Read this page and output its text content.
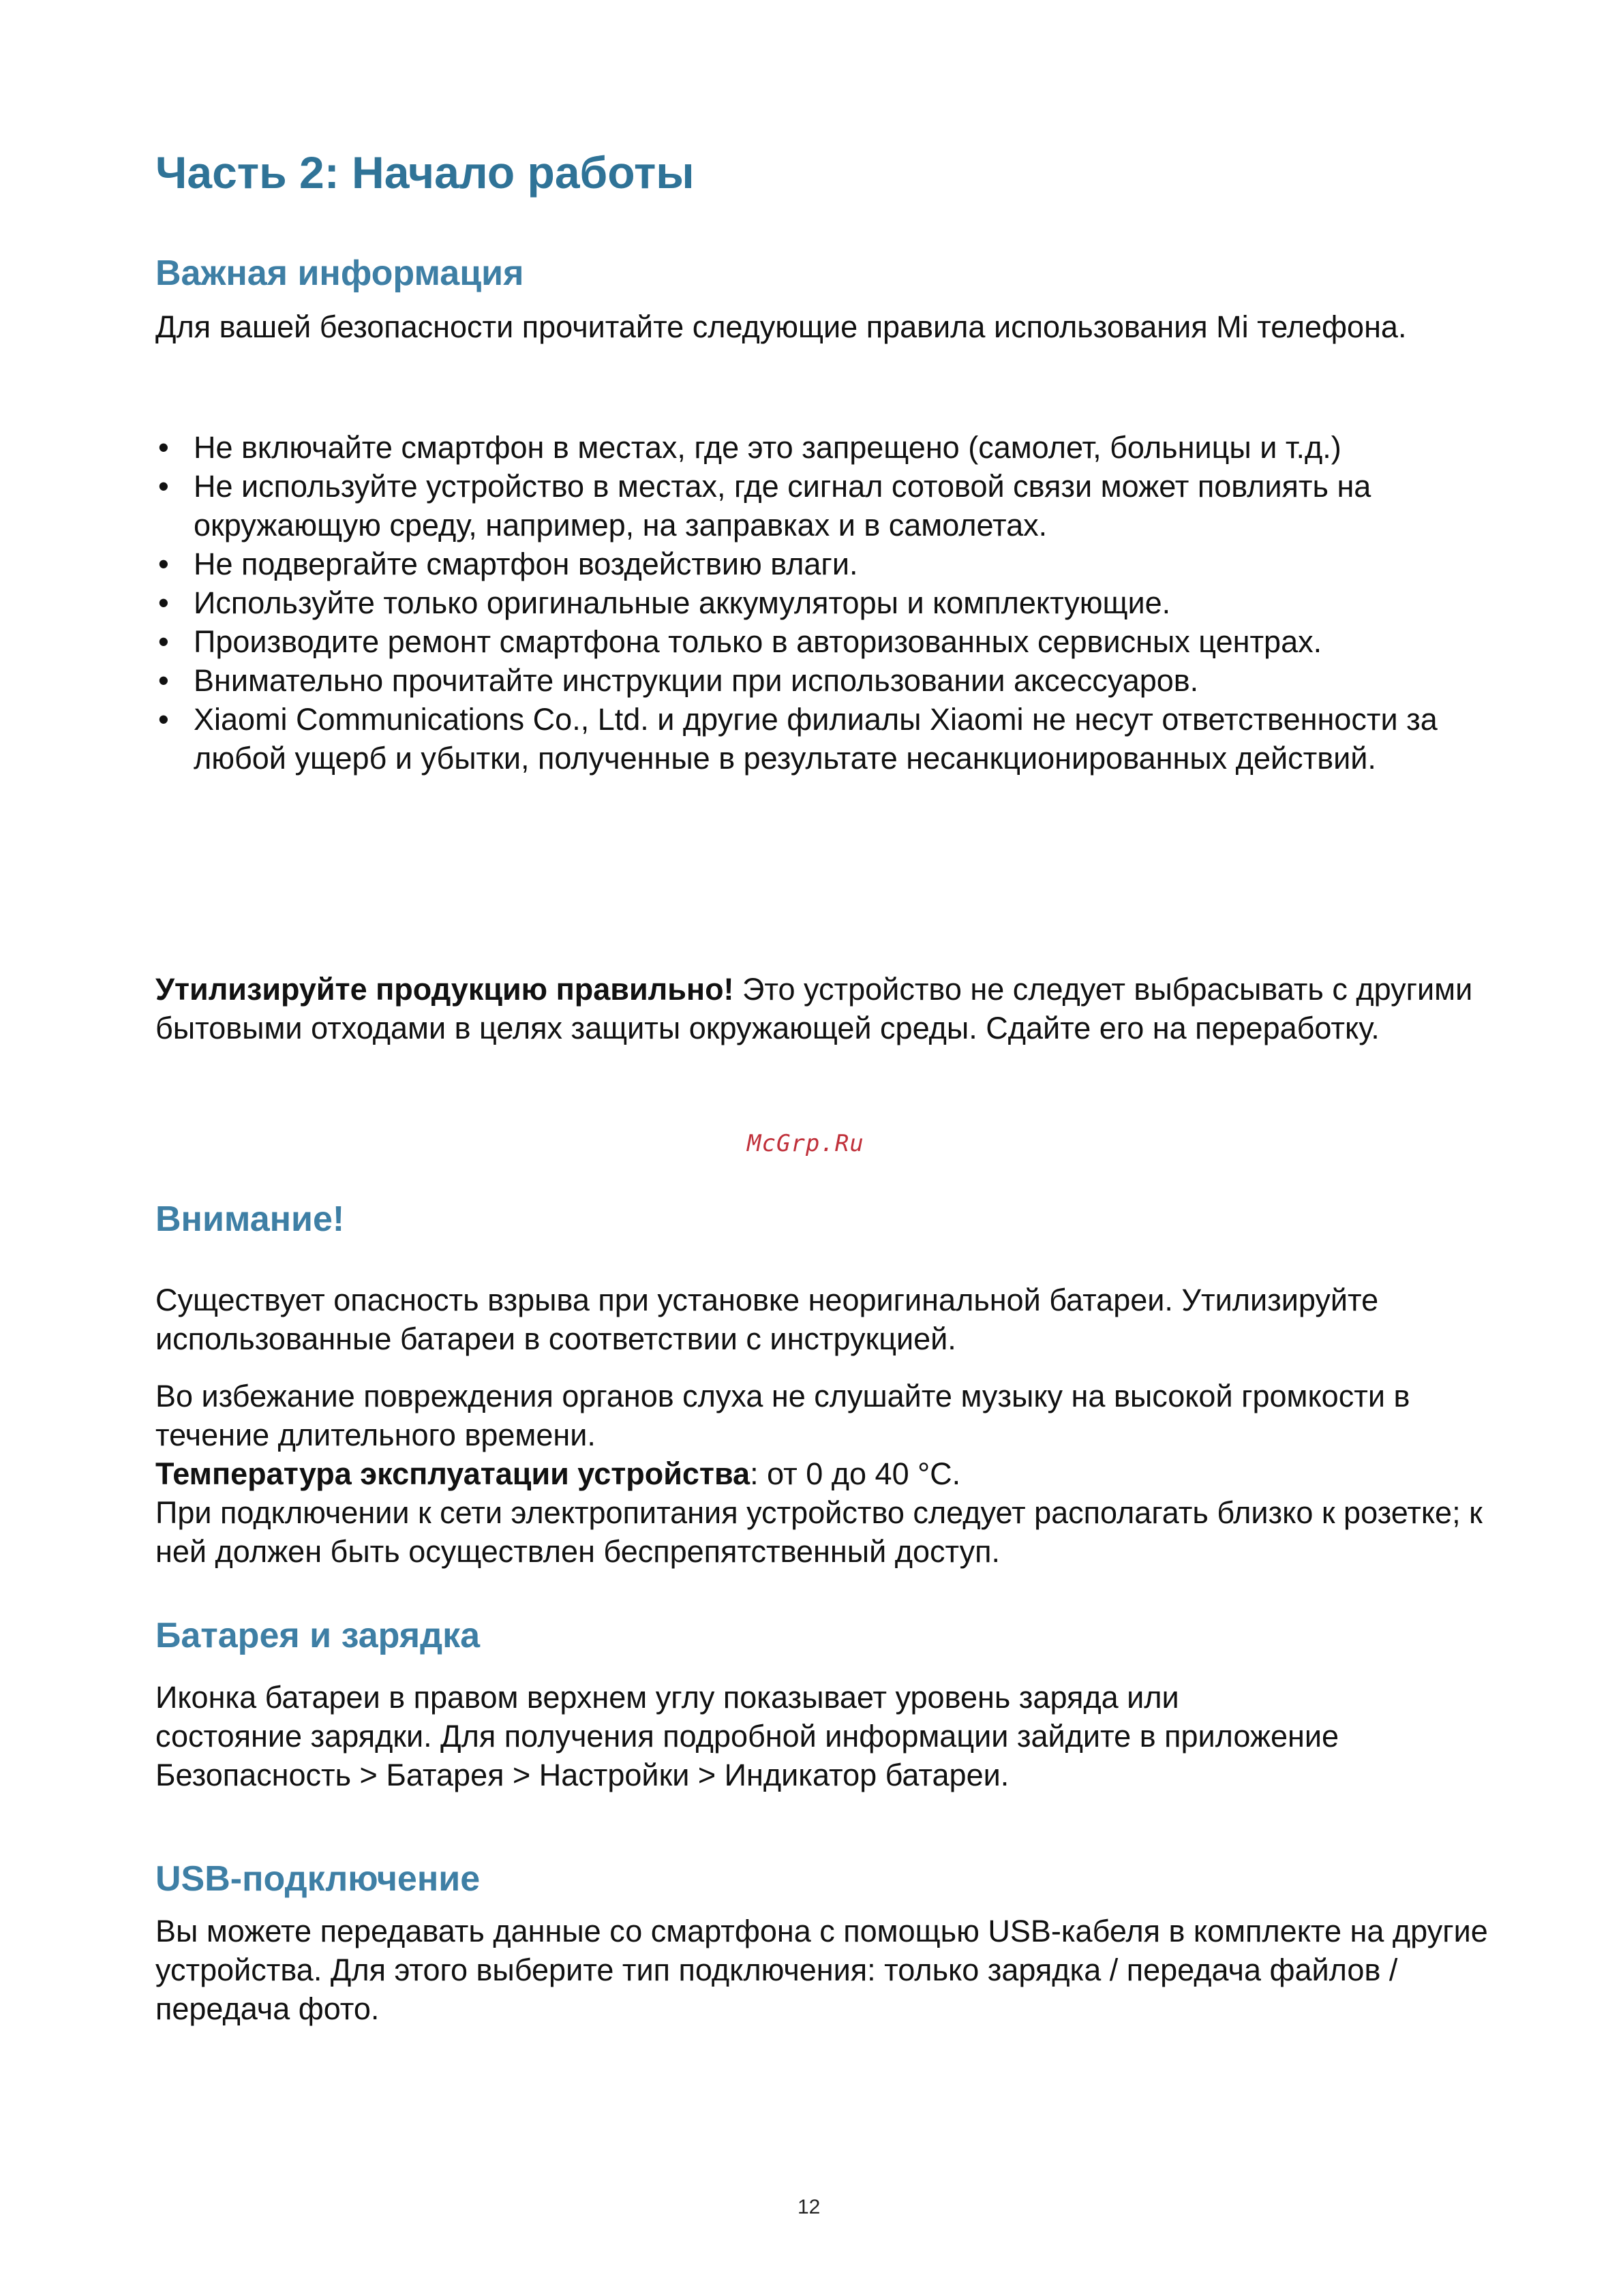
Часть 2: Начало работы
Важная информация

Для вашей безопасности прочитайте следующие правила использования Mi телефона.

• Не включайте смартфон в местах, где это запрещено (самолет, больницы и т.д.)
• Не используйте устройство в местах, где сигнал сотовой связи может повлиять на окружающую среду, например, на заправках и в самолетах.
• Не подвергайте смартфон воздействию влаги.
• Используйте только оригинальные аккумуляторы и комплектующие.
• Производите ремонт смартфона только в авторизованных сервисных центрах.
• Внимательно прочитайте инструкции при использовании аксессуаров.
• Xiaomi Communications Co., Ltd. и другие филиалы Xiaomi не несут ответственности за любой ущерб и убытки, полученные в результате несанкционированных действий.

Утилизируйте продукцию правильно! Это устройство не следует выбрасывать с другими бытовыми отходами в целях защиты окружающей среды. Сдайте его на переработку.

McGrp.Ru
Внимание!

Существует опасность взрыва при установке неоригинальной батареи. Утилизируйте использованные батареи в соответствии с инструкцией.

Во избежание повреждения органов слуха не слушайте музыку на высокой громкости в течение длительного времени.

Температура эксплуатации устройства: от 0 до 40 °C.

При подключении к сети электропитания устройство следует располагать близко к розетке; к ней должен быть осуществлен беспрепятственный доступ.

Батарея и зарядка

Иконка батареи в правом верхнем углу показывает уровень заряда или

состояние зарядки. Для получения подробной информации зайдите в приложение Безопасность > Батарея > Настройки > Индикатор батареи.

USB-подключение

Вы можете передавать данные со смартфона с помощью USB-кабеля в комплекте на другие устройства. Для этого выберите тип подключения: только зарядка / передача файлов / передача фото.

12
